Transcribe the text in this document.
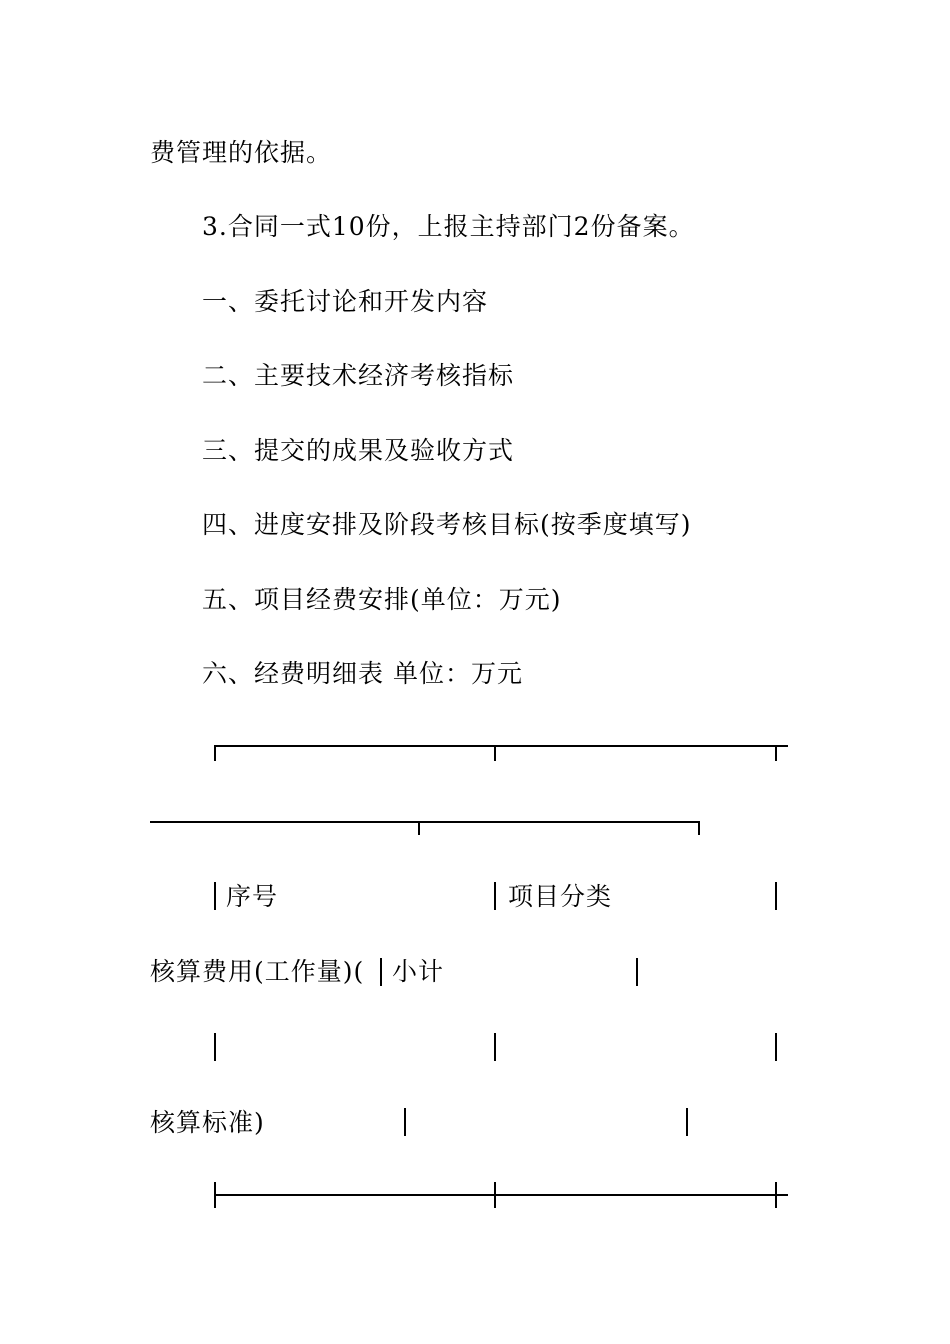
费管理的依据。
3.合同一式10份，上报主持部门2份备案。
一、委托讨论和开发内容
二、主要技术经济考核指标
三、提交的成果及验收方式
四、进度安排及阶段考核目标(按季度填写)
五、项目经费安排(单位：万元)
六、经费明细表 单位：万元
序号	项目分类
核算费用(工作量)( 小计
核算标准)
